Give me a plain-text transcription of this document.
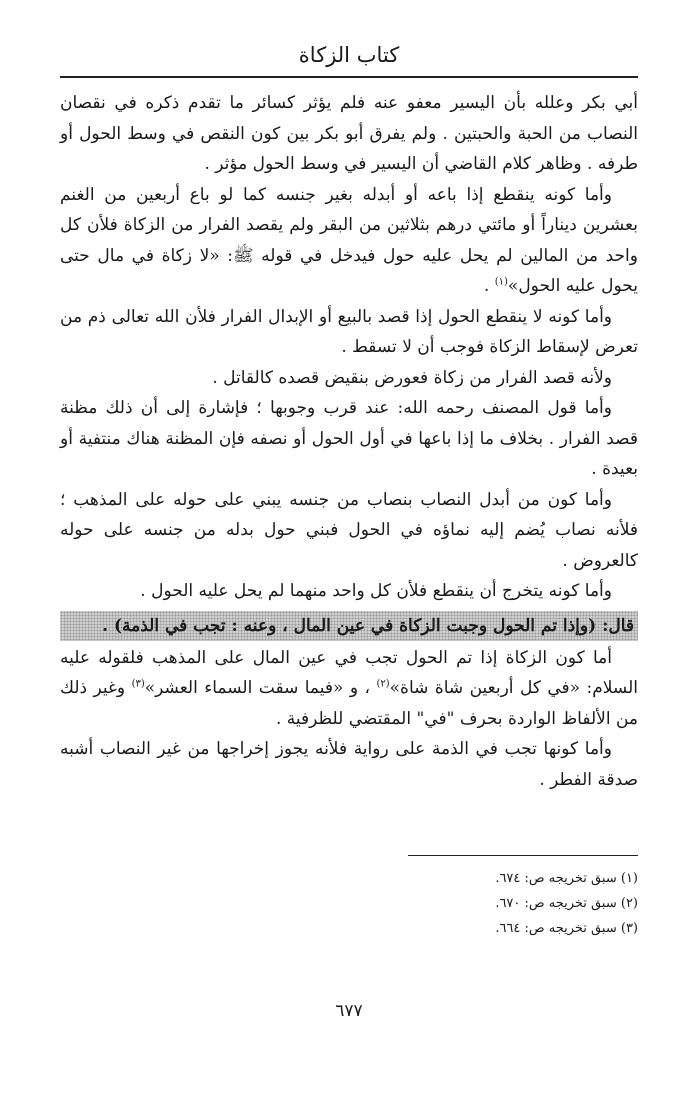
كتاب الزكاة

أبي بكر وعلله بأن اليسير معفو عنه فلم يؤثر كسائر ما تقدم ذكره في نقصان النصاب من الحبة والحبتين . ولم يفرق أبو بكر بين كون النقص في وسط الحول أو طرفه . وظاهر كلام القاضي أن اليسير في وسط الحول مؤثر .

وأما كونه ينقطع إذا باعه أو أبدله بغير جنسه كما لو باع أربعين من الغنم بعشرين ديناراً أو مائتي درهم بثلاثين من البقر ولم يقصد الفرار من الزكاة فلأن كل واحد من المالين لم يحل عليه حول فيدخل في قوله ﷺ: «لا زكاة في مال حتى يحول عليه الحول»$^{(١)}$ .

وأما كونه لا ينقطع الحول إذا قصد بالبيع أو الإبدال الفرار فلأن الله تعالى ذم من تعرض لإسقاط الزكاة فوجب أن لا تسقط .

ولأنه قصد الفرار من زكاة فعورض بنقيض قصده كالقاتل .

وأما قول المصنف رحمه الله: عند قرب وجوبها ؛ فإشارة إلى أن ذلك مظنة قصد الفرار . بخلاف ما إذا باعها في أول الحول أو نصفه فإن المظنة هناك منتفية أو بعيدة .

وأما كون من أبدل النصاب بنصاب من جنسه يبني على حوله على المذهب ؛ فلأنه نصاب يُضم إليه نماؤه في الحول فبني حول بدله من جنسه على حوله كالعروض .

وأما كونه يتخرج أن ينقطع فلأن كل واحد منهما لم يحل عليه الحول .

قال: (وإذا تم الحول وجبت الزكاة في عين المال ، وعنه : تجب في الذمة) .

أما كون الزكاة إذا تم الحول تجب في عين المال على المذهب فلقوله عليه السلام: «في كل أربعين شاة شاة»$^{(٢)}$ ، و «فيما سقت السماء العشر»$^{(٣)}$ وغير ذلك من الألفاظ الواردة بحرف "في" المقتضي للظرفية .

وأما كونها تجب في الذمة على رواية فلأنه يجوز إخراجها من غير النصاب أشبه صدقة الفطر .

(١) سبق تخريجه ص: ٦٧٤.

(٢) سبق تخريجه ص: ٦٧٠.

(٣) سبق تخريجه ص: ٦٦٤.

٦٧٧
